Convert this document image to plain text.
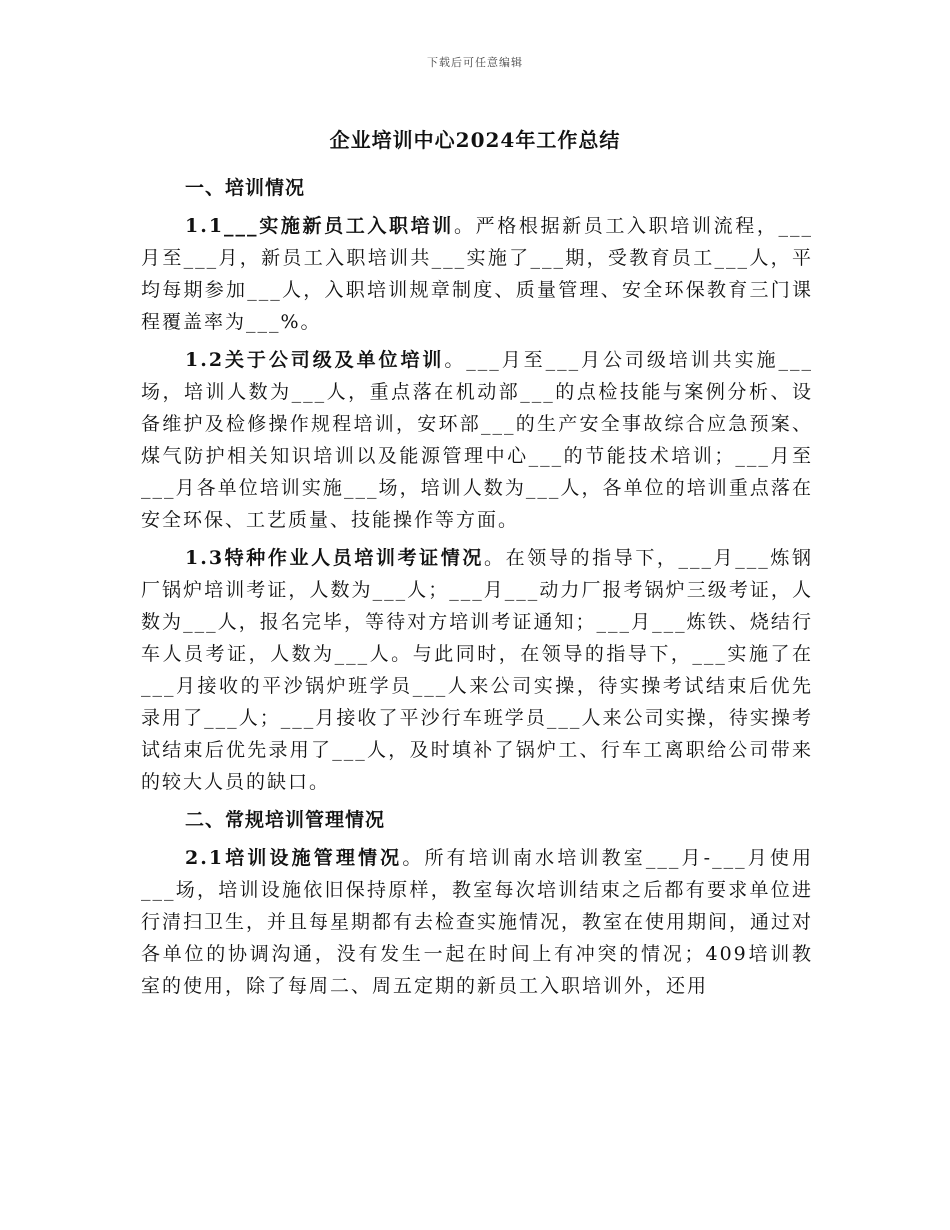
下载后可任意编辑
企业培训中心2024年工作总结
一、培训情况

1.1___实施新员工入职培训。严格根据新员工入职培训流程，___月至___月，新员工入职培训共___实施了___期，受教育员工___人，平均每期参加___人，入职培训规章制度、质量管理、安全环保教育三门课程覆盖率为___%。

1.2关于公司级及单位培训。___月至___月公司级培训共实施___场，培训人数为___人，重点落在机动部___的点检技能与案例分析、设备维护及检修操作规程培训，安环部___的生产安全事故综合应急预案、煤气防护相关知识培训以及能源管理中心___的节能技术培训；___月至___月各单位培训实施___场，培训人数为___人，各单位的培训重点落在安全环保、工艺质量、技能操作等方面。

1.3特种作业人员培训考证情况。在领导的指导下，___月___炼钢厂锅炉培训考证，人数为___人；___月___动力厂报考锅炉三级考证，人数为___人，报名完毕，等待对方培训考证通知；___月___炼铁、烧结行车人员考证，人数为___人。与此同时，在领导的指导下，___实施了在___月接收的平沙锅炉班学员___人来公司实操，待实操考试结束后优先录用了___人；___月接收了平沙行车班学员___人来公司实操，待实操考试结束后优先录用了___人，及时填补了锅炉工、行车工离职给公司带来的较大人员的缺口。

二、常规培训管理情况

2.1培训设施管理情况。所有培训南水培训教室___月-___月使用___场，培训设施依旧保持原样，教室每次培训结束之后都有要求单位进行清扫卫生，并且每星期都有去检查实施情况，教室在使用期间，通过对各单位的协调沟通，没有发生一起在时间上有冲突的情况；409培训教室的使用，除了每周二、周五定期的新员工入职培训外，还用
